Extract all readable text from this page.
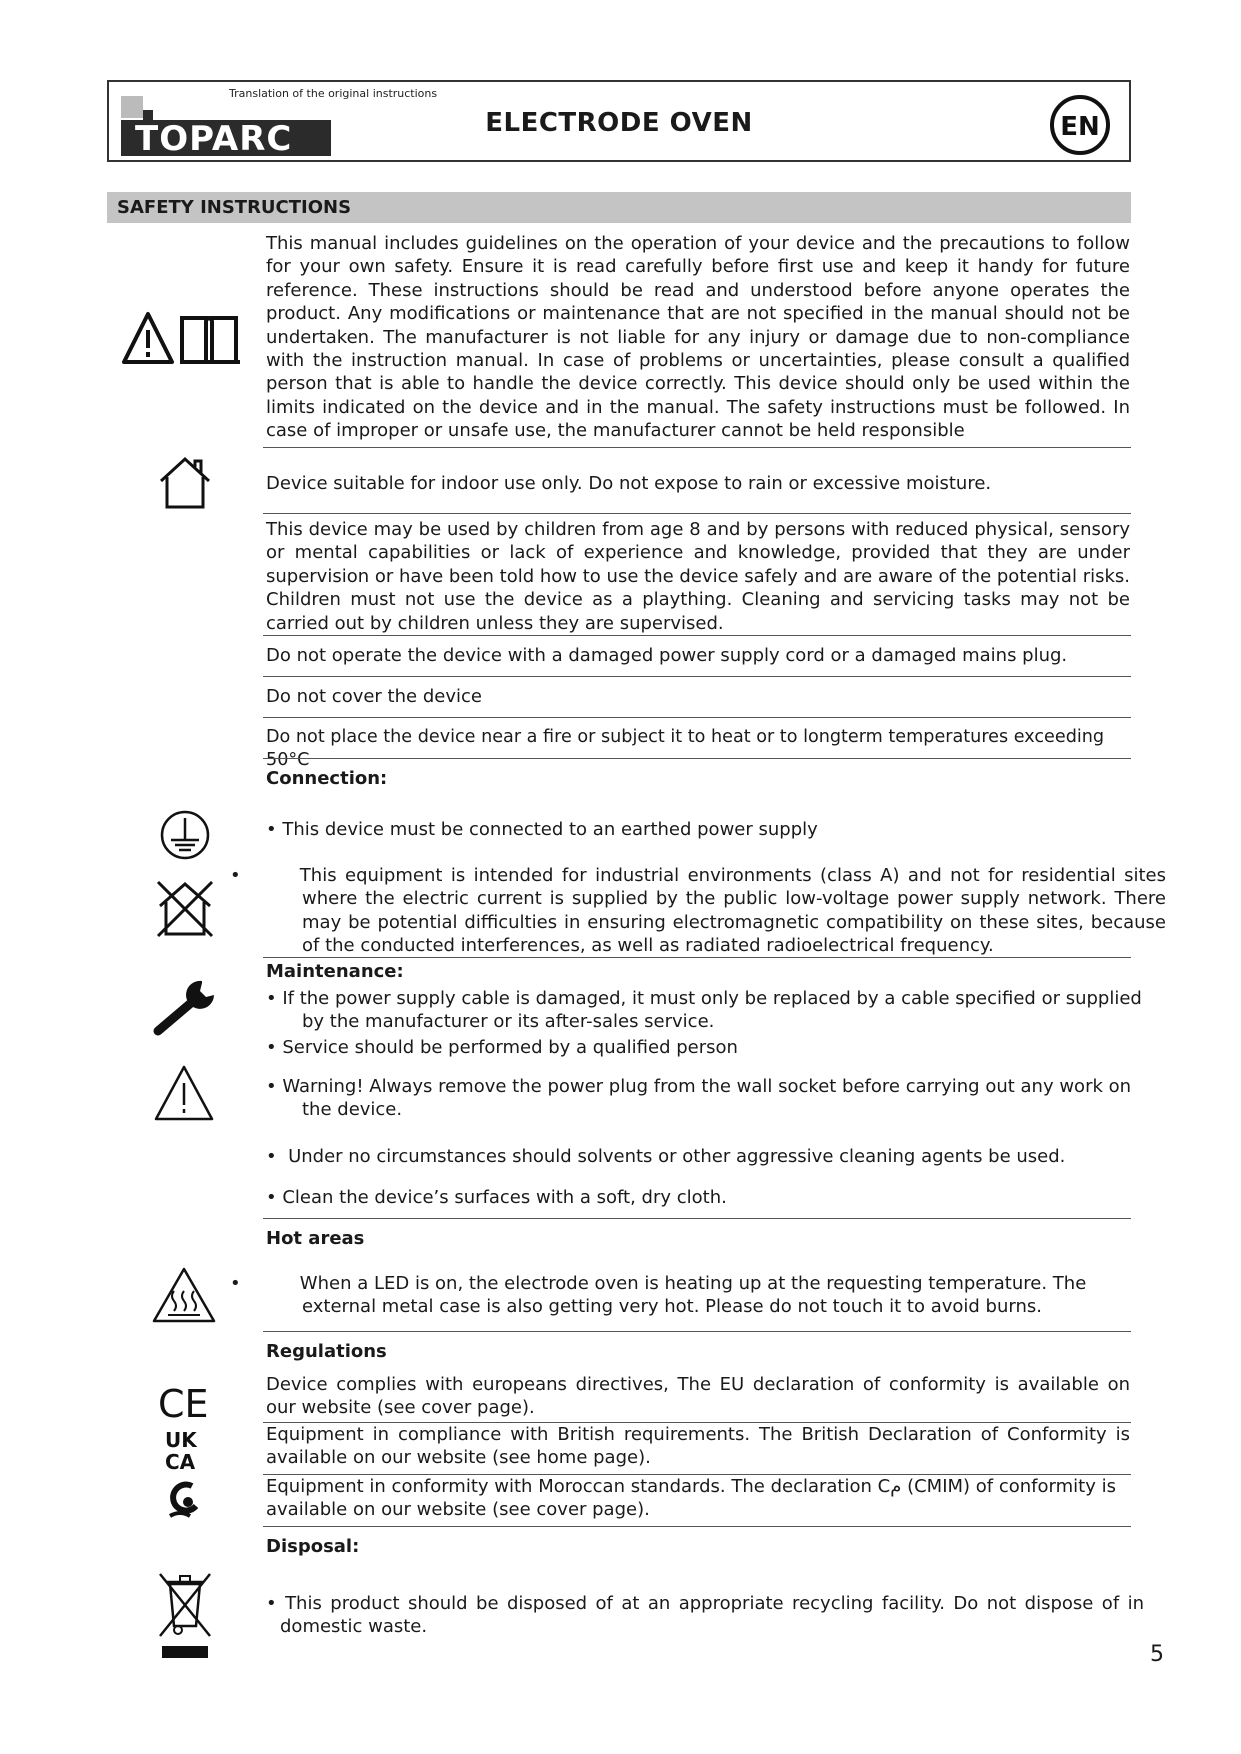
Translation of the original instructions
TOPARC	ELECTRODE OVEN	EN
SAFETY INSTRUCTIONS
CE
UK
CA
This manual includes guidelines on the operation of your device and the precautions to follow for your own safety. Ensure it is read carefully before first use and keep it handy for future reference. These instructions should be read and understood before anyone operates the product. Any modifications or maintenance that are not specified in the manual should not be undertaken. The manufacturer is not liable for any injury or damage due to non-compliance with the instruction manual. In case of problems or uncertainties, please consult a qualified person that is able to handle the device correctly. This device should only be used within the limits indicated on the device and in the manual. The safety instructions must be followed. In case of improper or unsafe use, the manufacturer cannot be held responsible
Device suitable for indoor use only. Do not expose to rain or excessive moisture.
This device may be used by children from age 8 and by persons with reduced physical, sensory or mental capabilities or lack of experience and knowledge, provided that they are under supervision or have been told how to use the device safely and are aware of the potential risks. Children must not use the device as a plaything. Cleaning and servicing tasks may not be carried out by children unless they are supervised.
Do not operate the device with a damaged power supply cord or a damaged mains plug.
Do not cover the device
Do not place the device near a fire or subject it to heat or to longterm temperatures exceeding 50°C
Connection:
• This device must be connected to an earthed power supply
•  	This equipment is intended for industrial environments (class A) and not for residential sites where the electric current is supplied by the public low-voltage power supply network. There may be potential difficulties in ensuring electromagnetic compatibility on these sites, because of the conducted interferences, as well as radiated radioelectrical frequency.
Maintenance:
• If the power supply cable is damaged, it must only be replaced by a cable specified or supplied by the manufacturer or its after-sales service.
• Service should be performed by a qualified person
• Warning! Always remove the power plug from the wall socket before carrying out any work on the device.
•  Under no circumstances should solvents or other aggressive cleaning agents be used.
• Clean the device’s surfaces with a soft, dry cloth.
Hot areas
•  	When a LED is on, the electrode oven is heating up at the requesting temperature. The external metal case is also getting very hot. Please do not touch it to avoid burns.
Regulations
Device complies with europeans directives, The EU declaration of conformity is available on our website (see cover page).
Equipment in compliance with British requirements. The British Declaration of Conformity is available on our website (see home page).
Equipment in conformity with Moroccan standards. The declaration Cم (CMIM) of conformity is available on our website (see cover page).
Disposal:
• This product should be disposed of at an appropriate recycling facility. Do not dispose of in domestic waste.
5
